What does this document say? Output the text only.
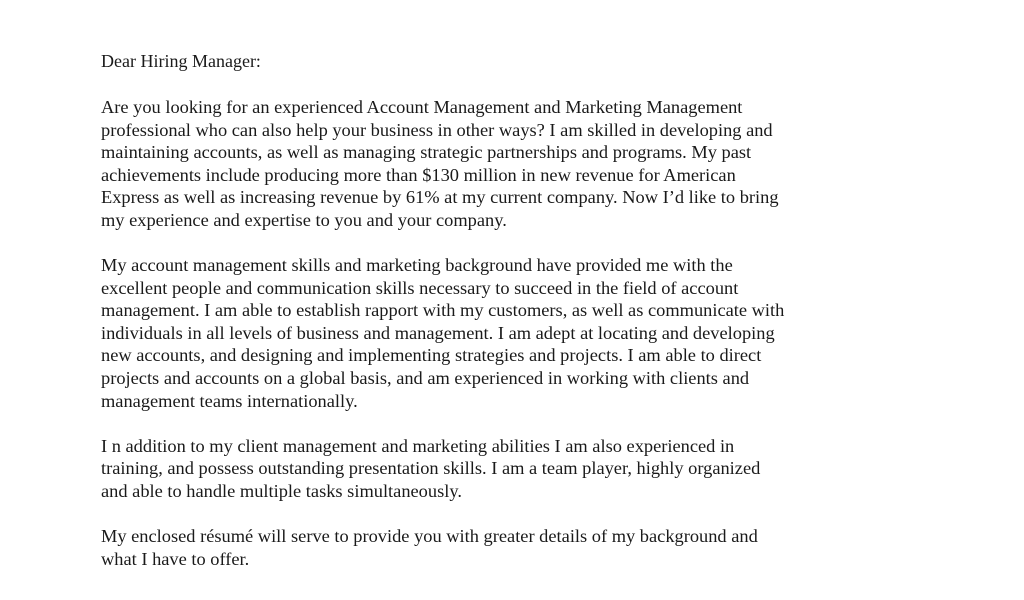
Dear Hiring Manager:

Are you looking for an experienced Account Management and Marketing Management
professional who can also help your business in other ways? I am skilled in developing and
maintaining accounts, as well as managing strategic partnerships and programs. My past
achievements include producing more than $130 million in new revenue for American
Express as well as increasing revenue by 61% at my current company. Now I’d like to bring
my experience and expertise to you and your company.
My account management skills and marketing background have provided me with the
excellent people and communication skills necessary to succeed in the field of account
management. I am able to establish rapport with my customers, as well as communicate with
individuals in all levels of business and management. I am adept at locating and developing
new accounts, and designing and implementing strategies and projects. I am able to direct
projects and accounts on a global basis, and am experienced in working with clients and
management teams internationally.
I n addition to my client management and marketing abilities I am also experienced in
training, and possess outstanding presentation skills. I am a team player, highly organized
and able to handle multiple tasks simultaneously.
My enclosed résumé will serve to provide you with greater details of my background and
what I have to offer.
